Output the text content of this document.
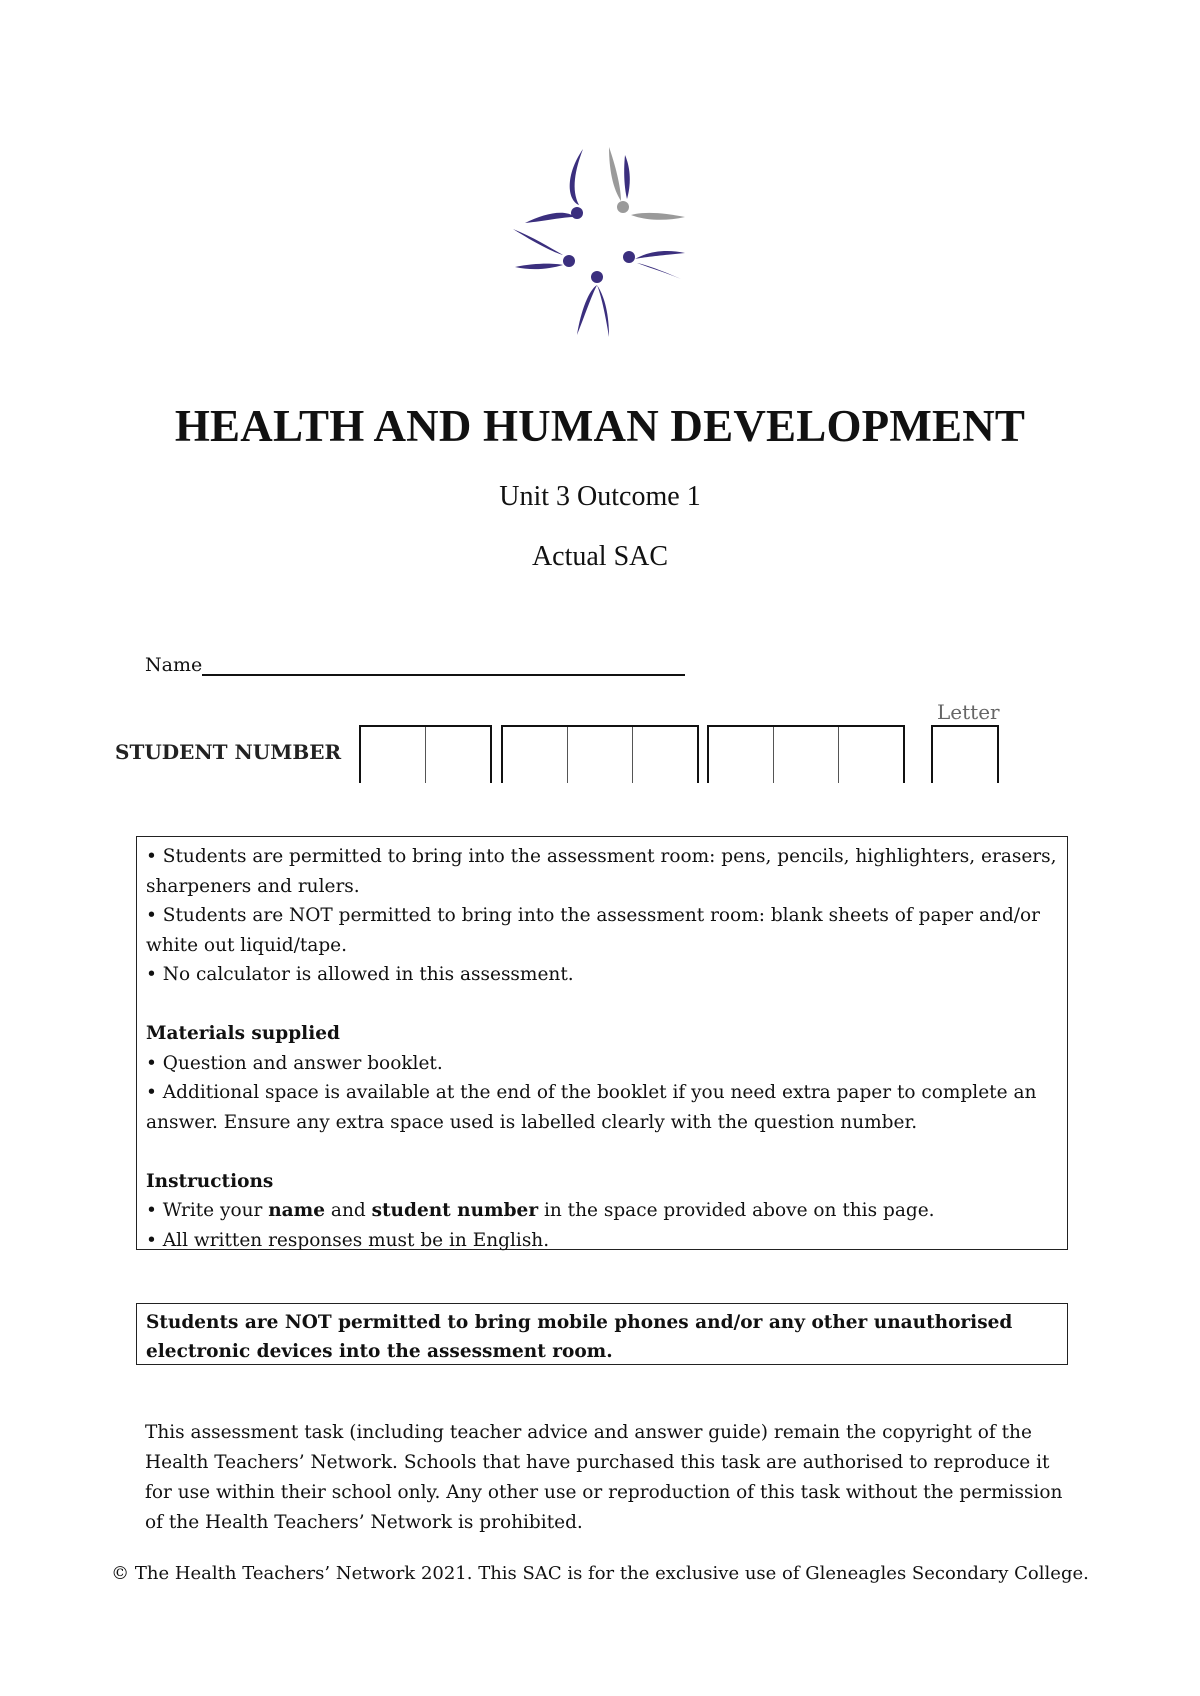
HEALTH AND HUMAN DEVELOPMENT
Unit 3 Outcome 1
Actual SAC
Name
STUDENT NUMBER
Letter

• Students are permitted to bring into the assessment room: pens, pencils, highlighters, erasers, sharpeners and rulers.

• Students are NOT permitted to bring into the assessment room: blank sheets of paper and/or white out liquid/tape.

• No calculator is allowed in this assessment.

Materials supplied

• Question and answer booklet.

• Additional space is available at the end of the booklet if you need extra paper to complete an answer. Ensure any extra space used is labelled clearly with the question number.

Instructions

• Write your name and student number in the space provided above on this page.

• All written responses must be in English.

Students are NOT permitted to bring mobile phones and/or any other unauthorised electronic devices into the assessment room.
This assessment task (including teacher advice and answer guide) remain the copyright of the Health Teachers’ Network. Schools that have purchased this task are authorised to reproduce it for use within their school only. Any other use or reproduction of this task without the permission of the Health Teachers’ Network is prohibited.
© The Health Teachers’ Network 2021. This SAC is for the exclusive use of Gleneagles Secondary College.
